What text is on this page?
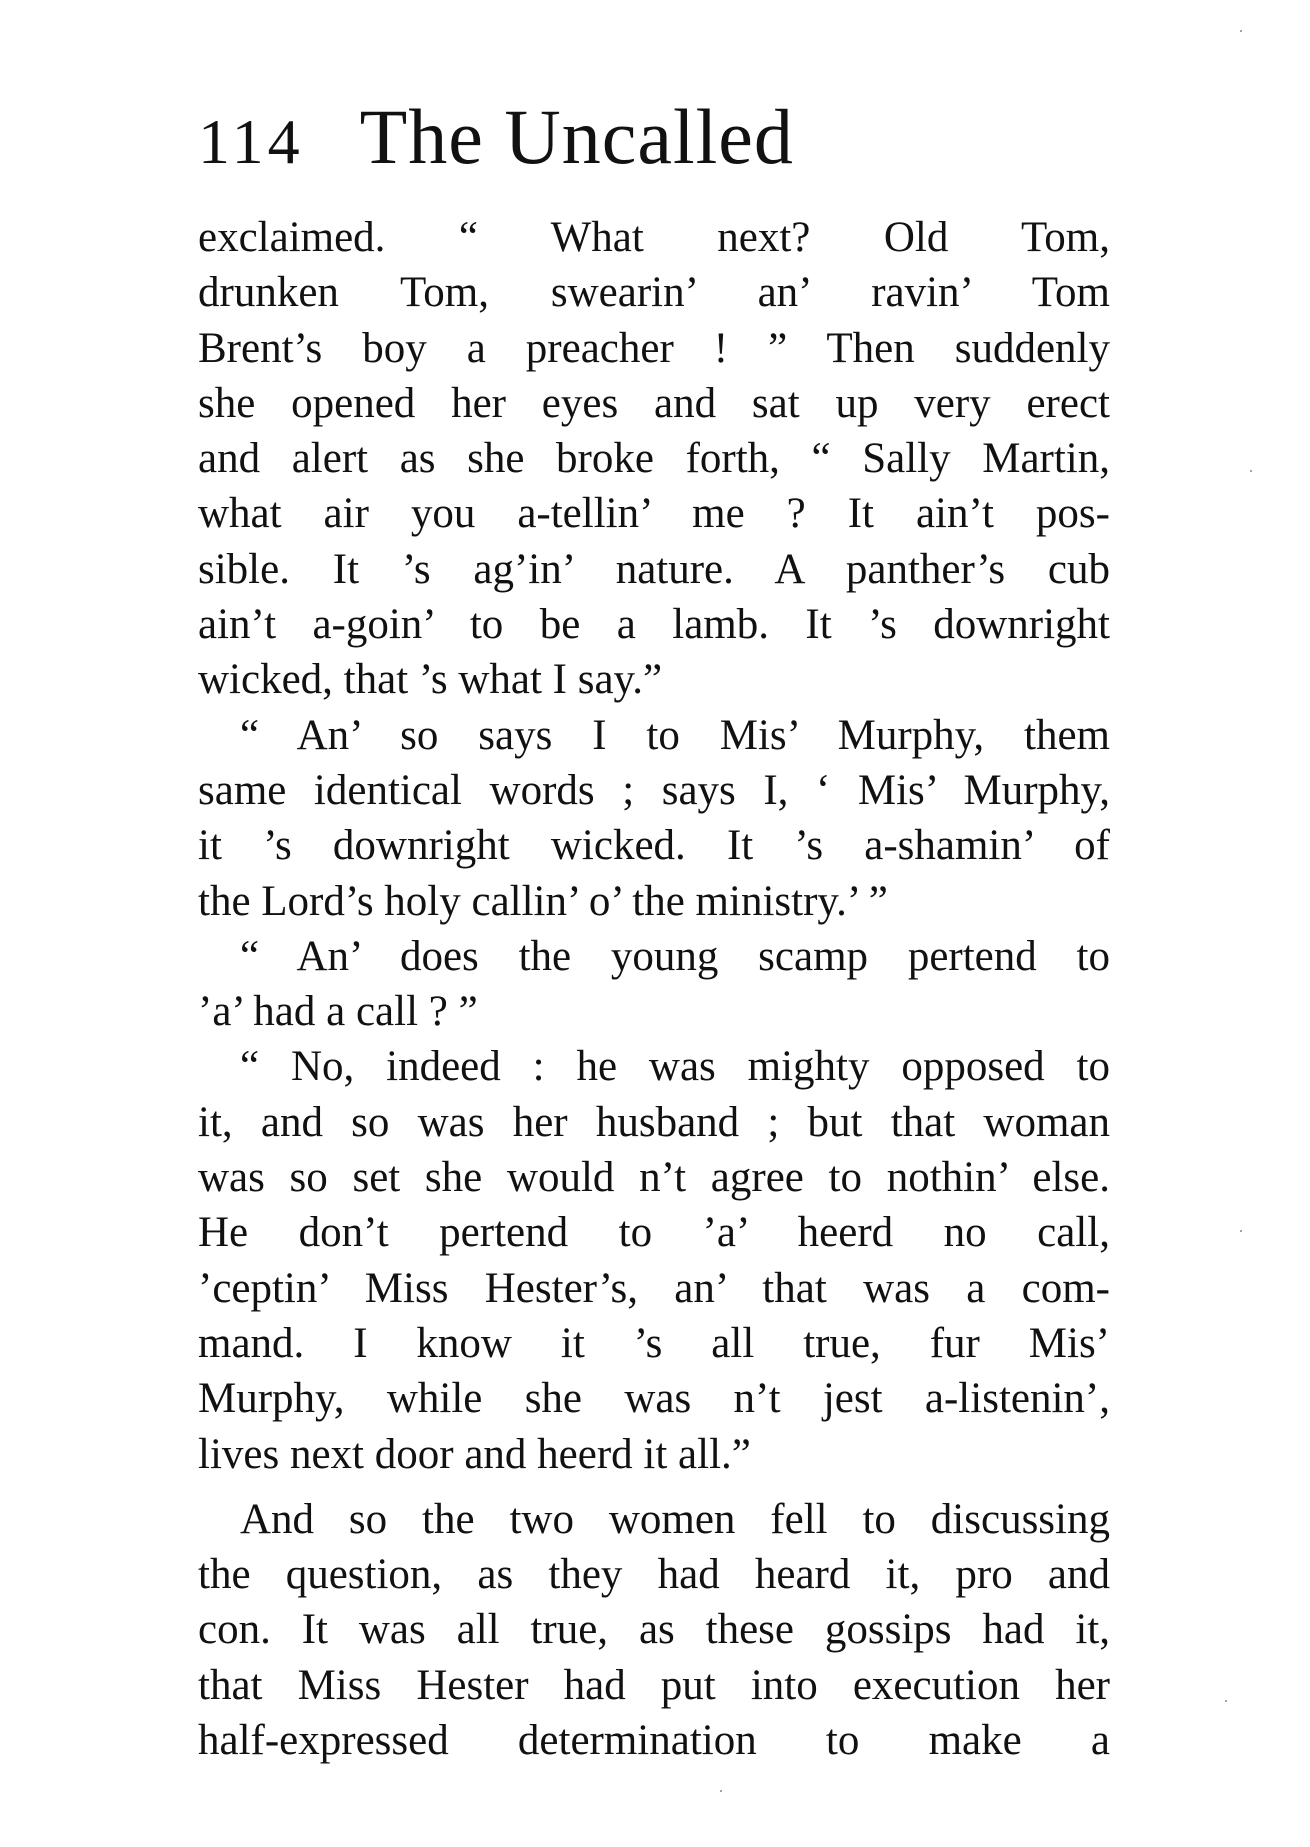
114 The Uncalled
exclaimed. “ What next? Old Tom,
drunken Tom, swearin’ an’ ravin’ Tom
Brent’s boy a preacher ! ” Then suddenly
she opened her eyes and sat up very erect
and alert as she broke forth, “ Sally Martin,
what air you a-tellin’ me ? It ain’t pos-
sible. It ’s ag’in’ nature. A panther’s cub
ain’t a-goin’ to be a lamb. It ’s downright
wicked, that ’s what I say.”
“ An’ so says I to Mis’ Murphy, them
same identical words ; says I, ‘ Mis’ Murphy,
it ’s downright wicked. It ’s a-shamin’ of
the Lord’s holy callin’ o’ the ministry.’ ”
“ An’ does the young scamp pertend to
’a’ had a call ? ”
“ No, indeed : he was mighty opposed to
it, and so was her husband ; but that woman
was so set she would n’t agree to nothin’ else.
He don’t pertend to ’a’ heerd no call,
’ceptin’ Miss Hester’s, an’ that was a com-
mand. I know it ’s all true, fur Mis’
Murphy, while she was n’t jest a-listenin’,
lives next door and heerd it all.”
And so the two women fell to discussing
the question, as they had heard it, pro and
con. It was all true, as these gossips had it,
that Miss Hester had put into execution her
half-expressed determination to make a
